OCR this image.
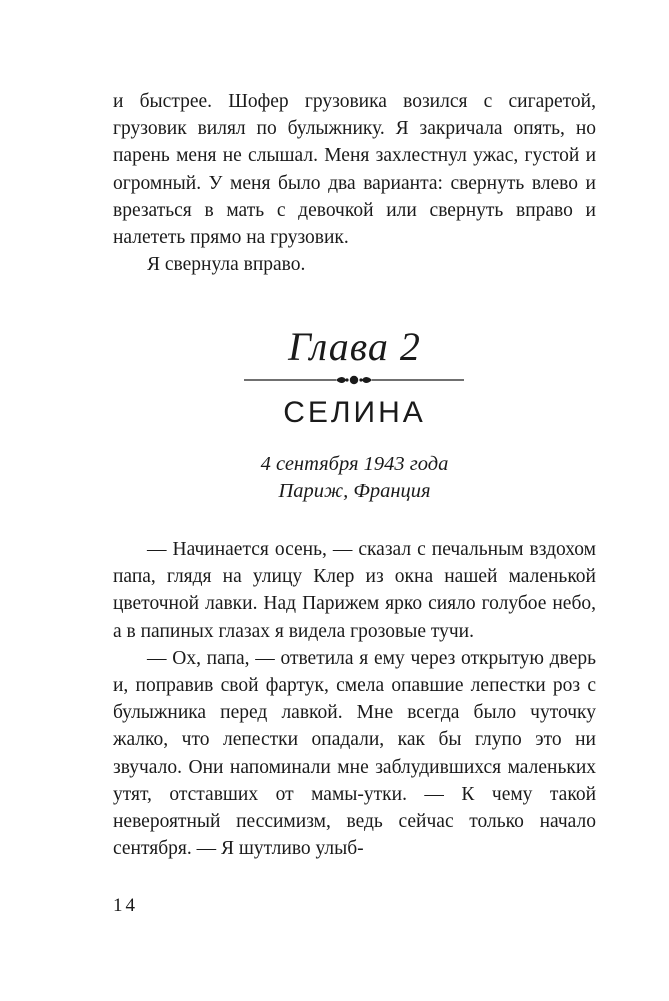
и быстрее. Шофер грузовика возился с сигаретой, грузовик вилял по булыжнику. Я закричала опять, но парень меня не слышал. Меня захлестнул ужас, густой и огромный. У меня было два варианта: свернуть влево и врезаться в мать с девочкой или свернуть вправо и налететь прямо на грузовик.

Я свернула вправо.

Глава 2
СЕЛИНА
4 сентября 1943 года
Париж, Франция

— Начинается осень, — сказал с печальным вздохом папа, глядя на улицу Клер из окна нашей маленькой цветочной лавки. Над Парижем ярко сияло голубое небо, а в папиных глазах я видела грозовые тучи.

— Ох, папа, — ответила я ему через открытую дверь и, поправив свой фартук, смела опавшие лепестки роз с булыжника перед лавкой. Мне всегда было чуточку жалко, что лепестки опадали, как бы глупо это ни звучало. Они напоминали мне заблудившихся маленьких утят, отставших от мамы-утки. — К чему такой невероятный пессимизм, ведь сейчас только начало сентября. — Я шутливо улыб-

14
